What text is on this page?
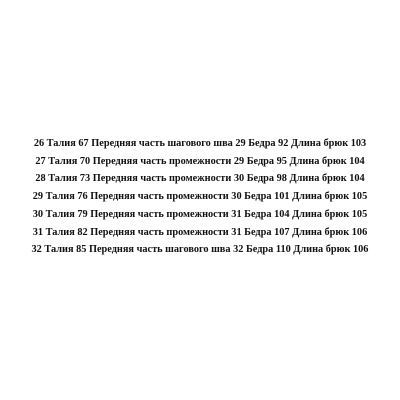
26 Талия 67 Передняя часть шагового шва 29 Бедра 92 Длина брюк 103
27 Талия 70 Передняя часть промежности 29 Бедра 95 Длина брюк 104
28 Талия 73 Передняя часть промежности 30 Бедра 98 Длина брюк 104
29 Талия 76 Передняя часть промежности 30 Бедра 101 Длина брюк 105
30 Талия 79 Передняя часть промежности 31 Бедра 104 Длина брюк 105
31 Талия 82 Передняя часть промежности 31 Бедра 107 Длина брюк 106
32 Талия 85 Передняя часть шагового шва 32 Бедра 110 Длина брюк 106
